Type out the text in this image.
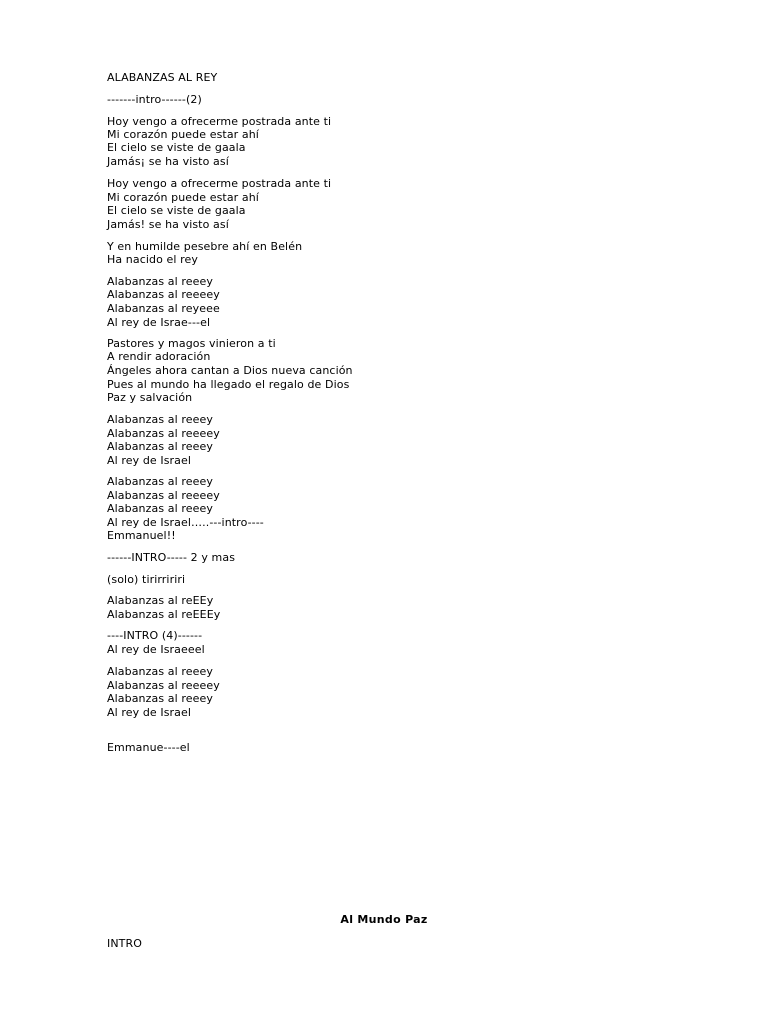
ALABANZAS AL REY
-------intro------(2)
Hoy vengo a ofrecerme postrada ante ti
Mi corazón puede estar ahí
El cielo se viste de gaala
Jamás¡ se ha visto así
Hoy vengo a ofrecerme postrada ante ti
Mi corazón puede estar ahí
El cielo se viste de gaala
Jamás! se ha visto así
Y en humilde pesebre ahí en Belén
Ha nacido el rey
Alabanzas al reeey
Alabanzas al reeeey
Alabanzas al reyeee
Al rey de Israe---el
Pastores y magos vinieron a ti
A rendir adoración
Ángeles ahora cantan a Dios nueva canción
Pues al mundo ha llegado el regalo de Dios
Paz y salvación
Alabanzas al reeey
Alabanzas al reeeey
Alabanzas al reeey
Al rey de Israel
Alabanzas al reeey
Alabanzas al reeeey
Alabanzas al reeey
Al rey de Israel…..---intro----
Emmanuel!!
------INTRO----- 2 y mas
(solo) tirirririri
Alabanzas al reEEy
Alabanzas al reEEEy
----INTRO (4)------
Al rey de Israeeel
Alabanzas al reeey
Alabanzas al reeeey
Alabanzas al reeey
Al rey de Israel
Emmanue----el
Al Mundo Paz
INTRO
